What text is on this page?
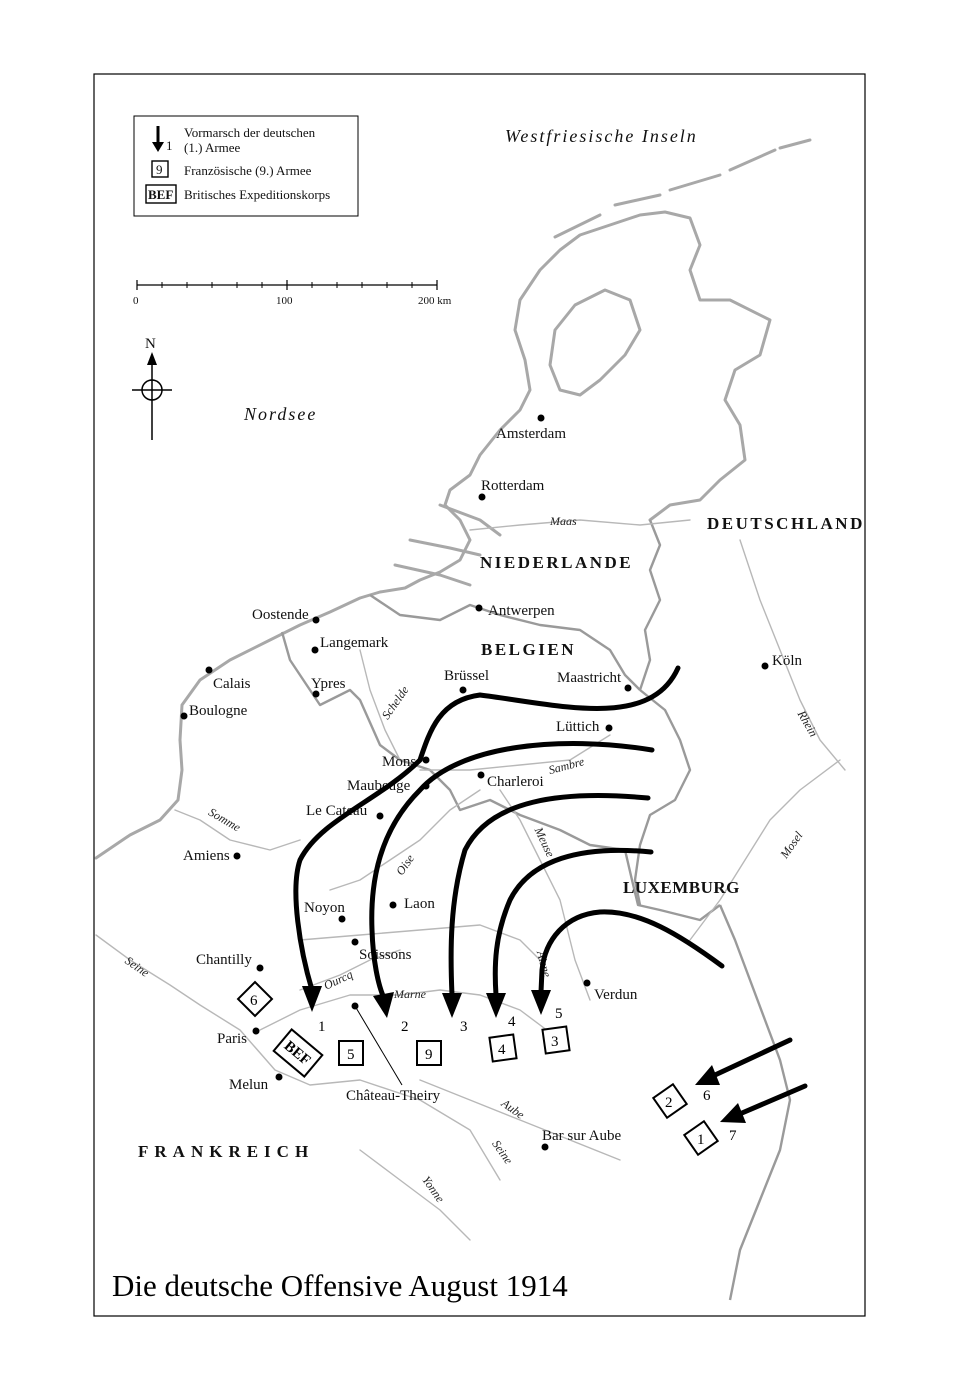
1
Vormarsch der deutschen
(1.) Armee
9 Französische (9.) Armee
BEF Britisches Expeditionskorps
0	100	200 km
N
Westfriesische Inseln
Nordsee
DEUTSCHLAND
NIEDERLANDE
BELGIEN
LUXEMBURG
FRANKREICH
Maas
Schelde
Sambre
Rhein
Somme
Oise
Meuse	Mosel
Aisne
Ourcq
Marne
Seine
Aube
Seine
Yonne
Amsterdam
Rotterdam
Antwerpen
Oostende
Langemark
Brüssel	Maastricht
Köln
Calais	Ypres
Boulogne
Lüttich
Mons
Maubeuge	Charleroi
Le Cateau
Amiens
Noyon	Laon
Soissons
Chantilly
Paris
Melun
Château-Theiry
Verdun
Bar sur Aube
1	2	3	4	5
6
7
6
BEF 5	9	4	3
2
1
Die deutsche Offensive August 1914
